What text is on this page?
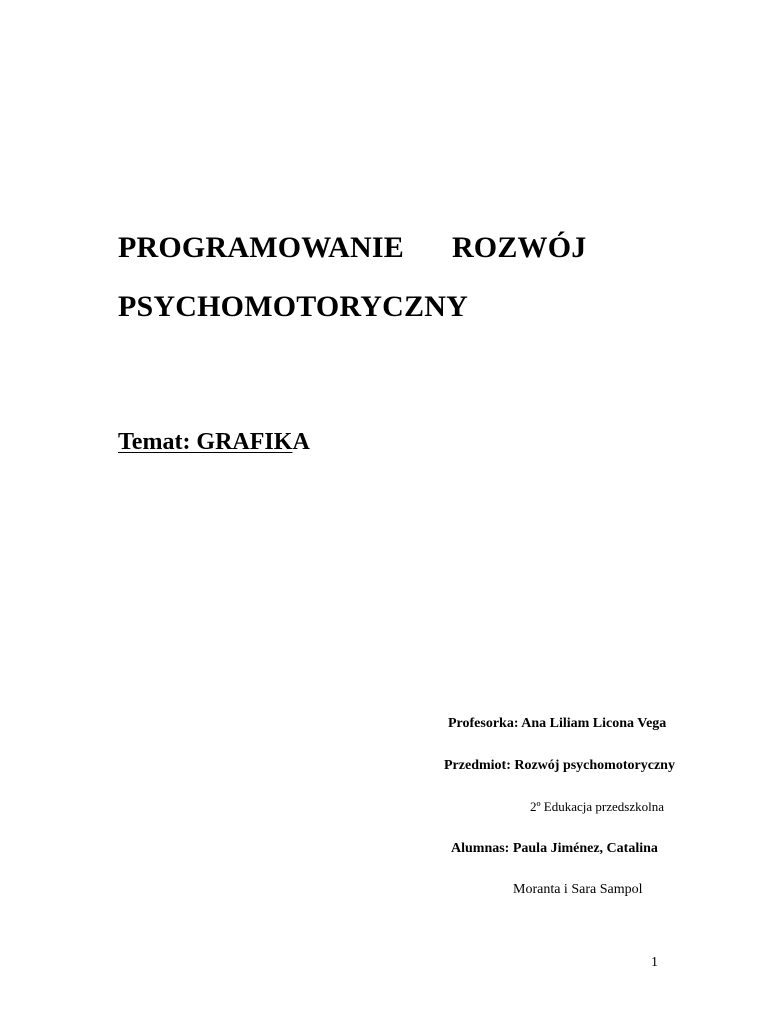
PROGRAMOWANIE ROZWÓJ
PSYCHOMOTORYCZNY
Temat: GRAFIKA
Profesorka: Ana Liliam Licona Vega
Przedmiot: Rozwój psychomotoryczny
2º Edukacja przedszkolna
Alumnas: Paula Jiménez, Catalina
Moranta i Sara Sampol
1
